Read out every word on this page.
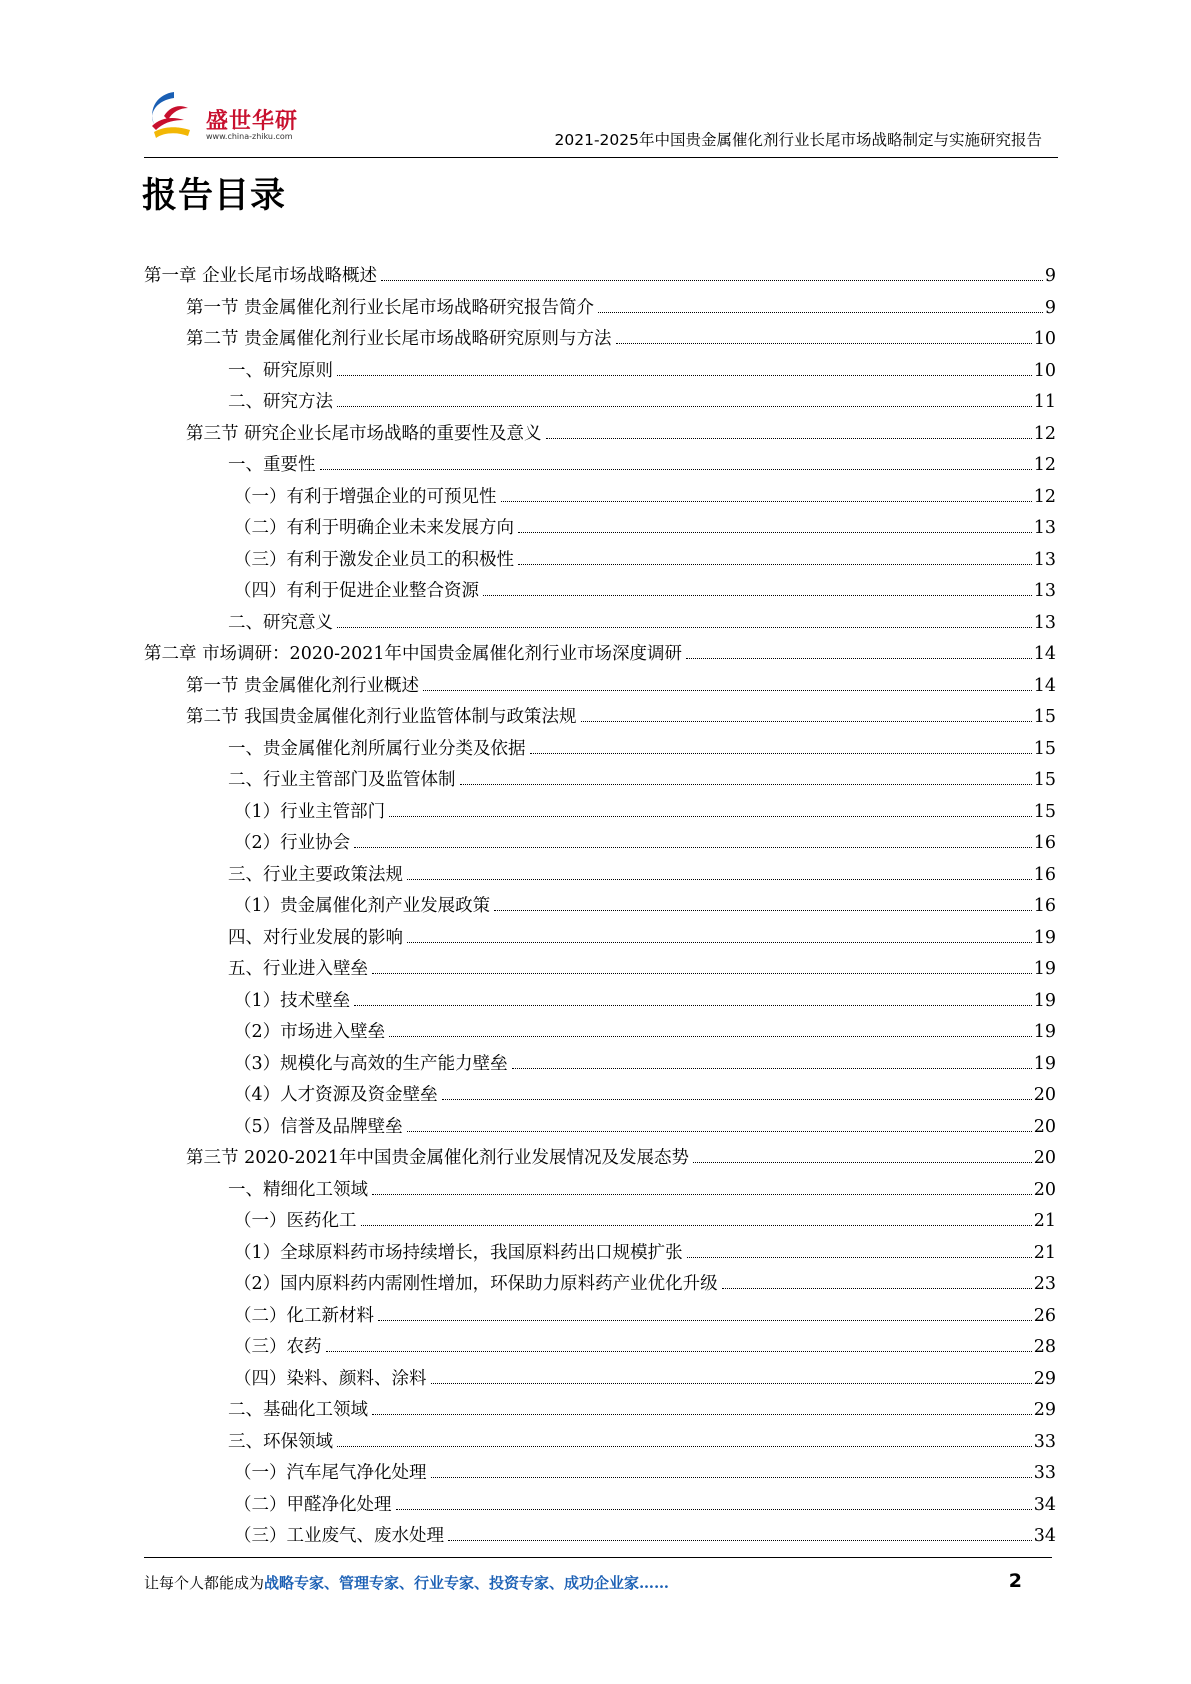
盛世华研
www.china-zhiku.com	2021-2025年中国贵金属催化剂行业长尾市场战略制定与实施研究报告
报告目录
第一章 企业长尾市场战略概述	9
第一节 贵金属催化剂行业长尾市场战略研究报告简介	9
第二节 贵金属催化剂行业长尾市场战略研究原则与方法	10
一、研究原则	10
二、研究方法	11
第三节 研究企业长尾市场战略的重要性及意义	12
一、重要性	12
（一）有利于增强企业的可预见性	12
（二）有利于明确企业未来发展方向	13
（三）有利于激发企业员工的积极性	13
（四）有利于促进企业整合资源	13
二、研究意义	13
第二章 市场调研：2020-2021年中国贵金属催化剂行业市场深度调研	14
第一节 贵金属催化剂行业概述	14
第二节 我国贵金属催化剂行业监管体制与政策法规	15
一、贵金属催化剂所属行业分类及依据	15
二、行业主管部门及监管体制	15
（1）行业主管部门	15
（2）行业协会	16
三、行业主要政策法规	16
（1）贵金属催化剂产业发展政策	16
四、对行业发展的影响	19
五、行业进入壁垒	19
（1）技术壁垒	19
（2）市场进入壁垒	19
（3）规模化与高效的生产能力壁垒	19
（4）人才资源及资金壁垒	20
（5）信誉及品牌壁垒	20
第三节 2020-2021年中国贵金属催化剂行业发展情况及发展态势	20
一、精细化工领域	20
（一）医药化工	21
（1）全球原料药市场持续增长，我国原料药出口规模扩张	21
（2）国内原料药内需刚性增加，环保助力原料药产业优化升级	23
（二）化工新材料	26
（三）农药	28
（四）染料、颜料、涂料	29
二、基础化工领域	29
三、环保领域	33
（一）汽车尾气净化处理	33
（二）甲醛净化处理	34
（三）工业废气、废水处理	34
让每个人都能成为战略专家、管理专家、行业专家、投资专家、成功企业家……	2
